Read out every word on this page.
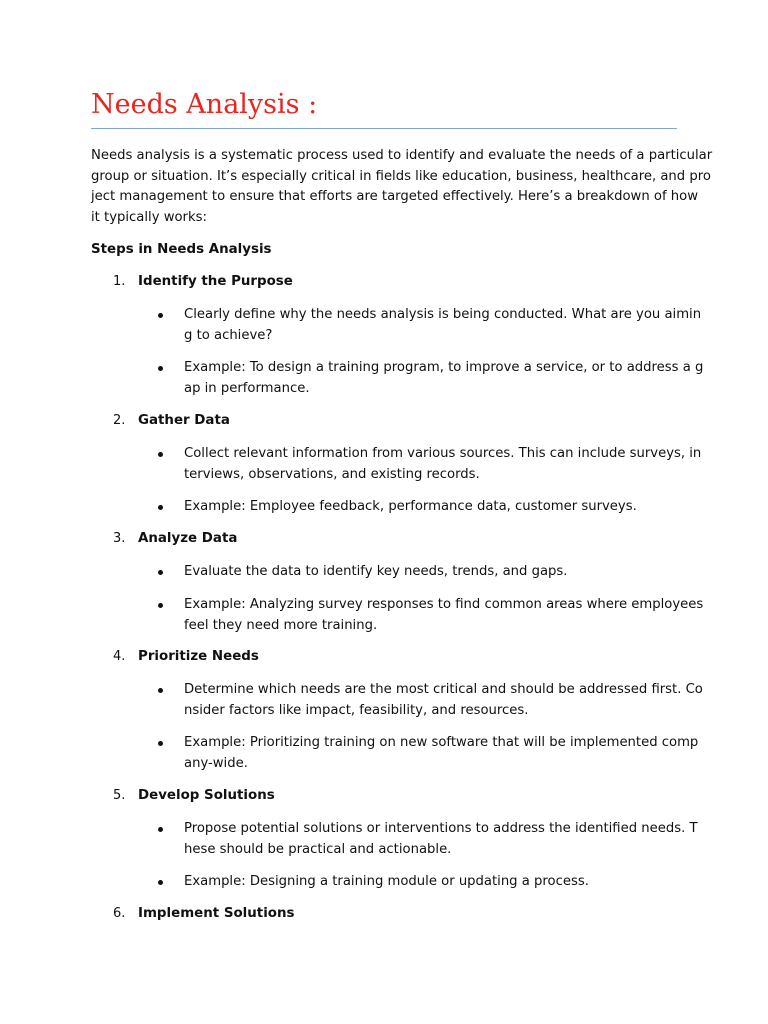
Needs Analysis :
Needs analysis is a systematic process used to identify and evaluate the needs of a particular
group or situation. It’s especially critical in fields like education, business, healthcare, and pro
ject management to ensure that efforts are targeted effectively. Here’s a breakdown of how
it typically works:
Steps in Needs Analysis
1. Identify the Purpose
Clearly define why the needs analysis is being conducted. What are you aimin
g to achieve?
Example: To design a training program, to improve a service, or to address a g
ap in performance.
2. Gather Data
Collect relevant information from various sources. This can include surveys, in
terviews, observations, and existing records.
Example: Employee feedback, performance data, customer surveys.
3. Analyze Data
Evaluate the data to identify key needs, trends, and gaps.
Example: Analyzing survey responses to find common areas where employees
feel they need more training.
4. Prioritize Needs
Determine which needs are the most critical and should be addressed first. Co
nsider factors like impact, feasibility, and resources.
Example: Prioritizing training on new software that will be implemented comp
any-wide.
5. Develop Solutions
Propose potential solutions or interventions to address the identified needs. T
hese should be practical and actionable.
Example: Designing a training module or updating a process.
6. Implement Solutions
